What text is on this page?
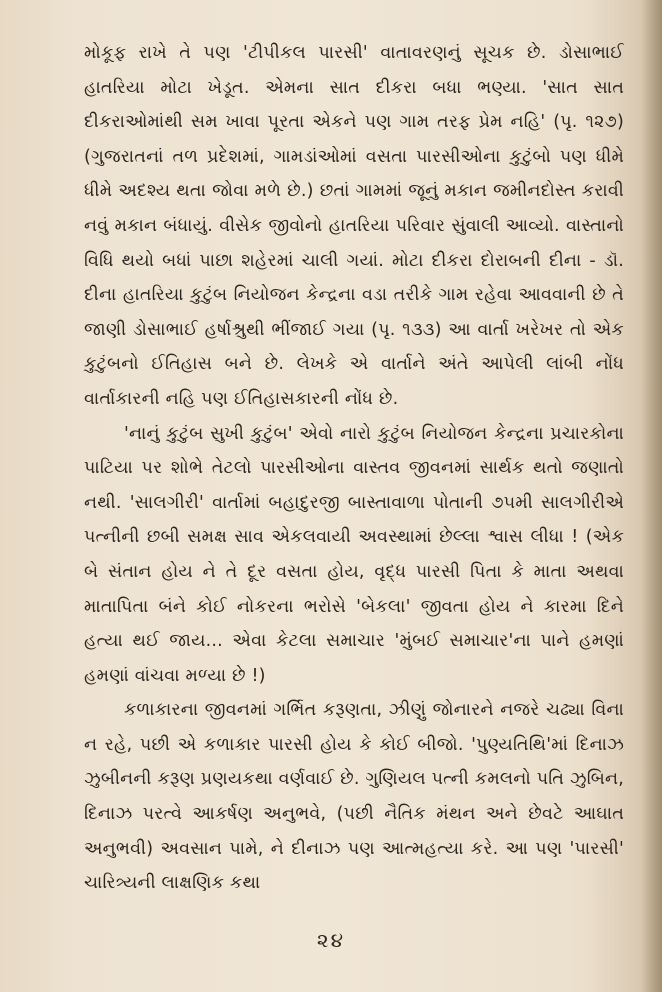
મોકૂફ રાખે તે પણ 'ટીપીકલ પારસી' વાતાવરણનું સૂચક છે. ડોસાભાઈ હાતરિયા મોટા ખેડૂત. એમના સાત દીકરા બધા ભણ્યા. 'સાત સાત દીકરાઓમાંથી સમ ખાવા પૂરતા એકને પણ ગામ તરફ પ્રેમ નહિ' (પૃ. ૧૨૭) (ગુજરાતનાં તળ પ્રદેશમાં, ગામડાંઓમાં વસતા પારસીઓના કુટુંબો પણ ધીમે ધીમે અદશ્ય થતા જોવા મળે છે.) છતાં ગામમાં જૂનું મકાન જમીનદોસ્ત કરાવી નવું મકાન બંધાયું. વીસેક જીવોનો હાતરિયા પરિવાર સુંવાલી આવ્યો. વાસ્તાનો વિધિ થયો બધાં પાછા શહેરમાં ચાલી ગયાં. મોટા દીકરા દોરાબની દીના - ડૉ. દીના હાતરિયા કુટુંબ નિયોજન કેન્દ્રના વડા તરીકે ગામ રહેવા આવવાની છે તે જાણી ડોસાભાઈ હર્ષાશ્રુથી ભીંજાઈ ગયા (પૃ. ૧૩૩) આ વાર્તા ખરેખર તો એક કુટુંબનો ઈતિહાસ બને છે. લેખકે એ વાર્તાને અંતે આપેલી લાંબી નોંધ વાર્તાકારની નહિ પણ ઈતિહાસકારની નોંધ છે.

'નાનું કુટુંબ સુખી કુટુંબ' એવો નારો કુટુંબ નિયોજન કેન્દ્રના પ્રચારકોના પાટિયા પર શોભે તેટલો પારસીઓના વાસ્તવ જીવનમાં સાર્થક થતો જણાતો નથી. 'સાલગીરી' વાર્તામાં બહાદુરજી બાસ્તાવાળા પોતાની ૭૫મી સાલગીરીએ પત્નીની છબી સમક્ષ સાવ એકલવાયી અવસ્થામાં છેલ્લા શ્વાસ લીધા ! (એક બે સંતાન હોય ને તે દૂર વસતા હોય, વૃદ્ધ પારસી પિતા કે માતા અથવા માતાપિતા બંને કોઈ નોકરના ભરોસે 'બેકલા' જીવતા હોય ને કારમા દિને હત્યા થઈ જાય... એવા કેટલા સમાચાર 'મુંબઈ સમાચાર'ના પાને હમણાં હમણાં વાંચવા મળ્યા છે !)

કળાકારના જીવનમાં ગર્ભિત કરૂણતા, ઝીણું જોનારને નજરે ચઢ્યા વિના ન રહે, પછી એ કળાકાર પારસી હોય કે કોઈ બીજો. 'પુણ્યતિથિ'માં દિનાઝ ઝુબીનની કરૂણ પ્રણયકથા વર્ણવાઈ છે. ગુણિયલ પત્ની કમલનો પતિ ઝુબિન, દિનાઝ પરત્વે આકર્ષણ અનુભવે, (પછી નૈતિક મંથન અને છેવટે આઘાત અનુભવી) અવસાન પામે, ને દીનાઝ પણ આત્મહત્યા કરે. આ પણ 'પારસી' ચારિત્ર્યની લાક્ષણિક કથા

૨૪
